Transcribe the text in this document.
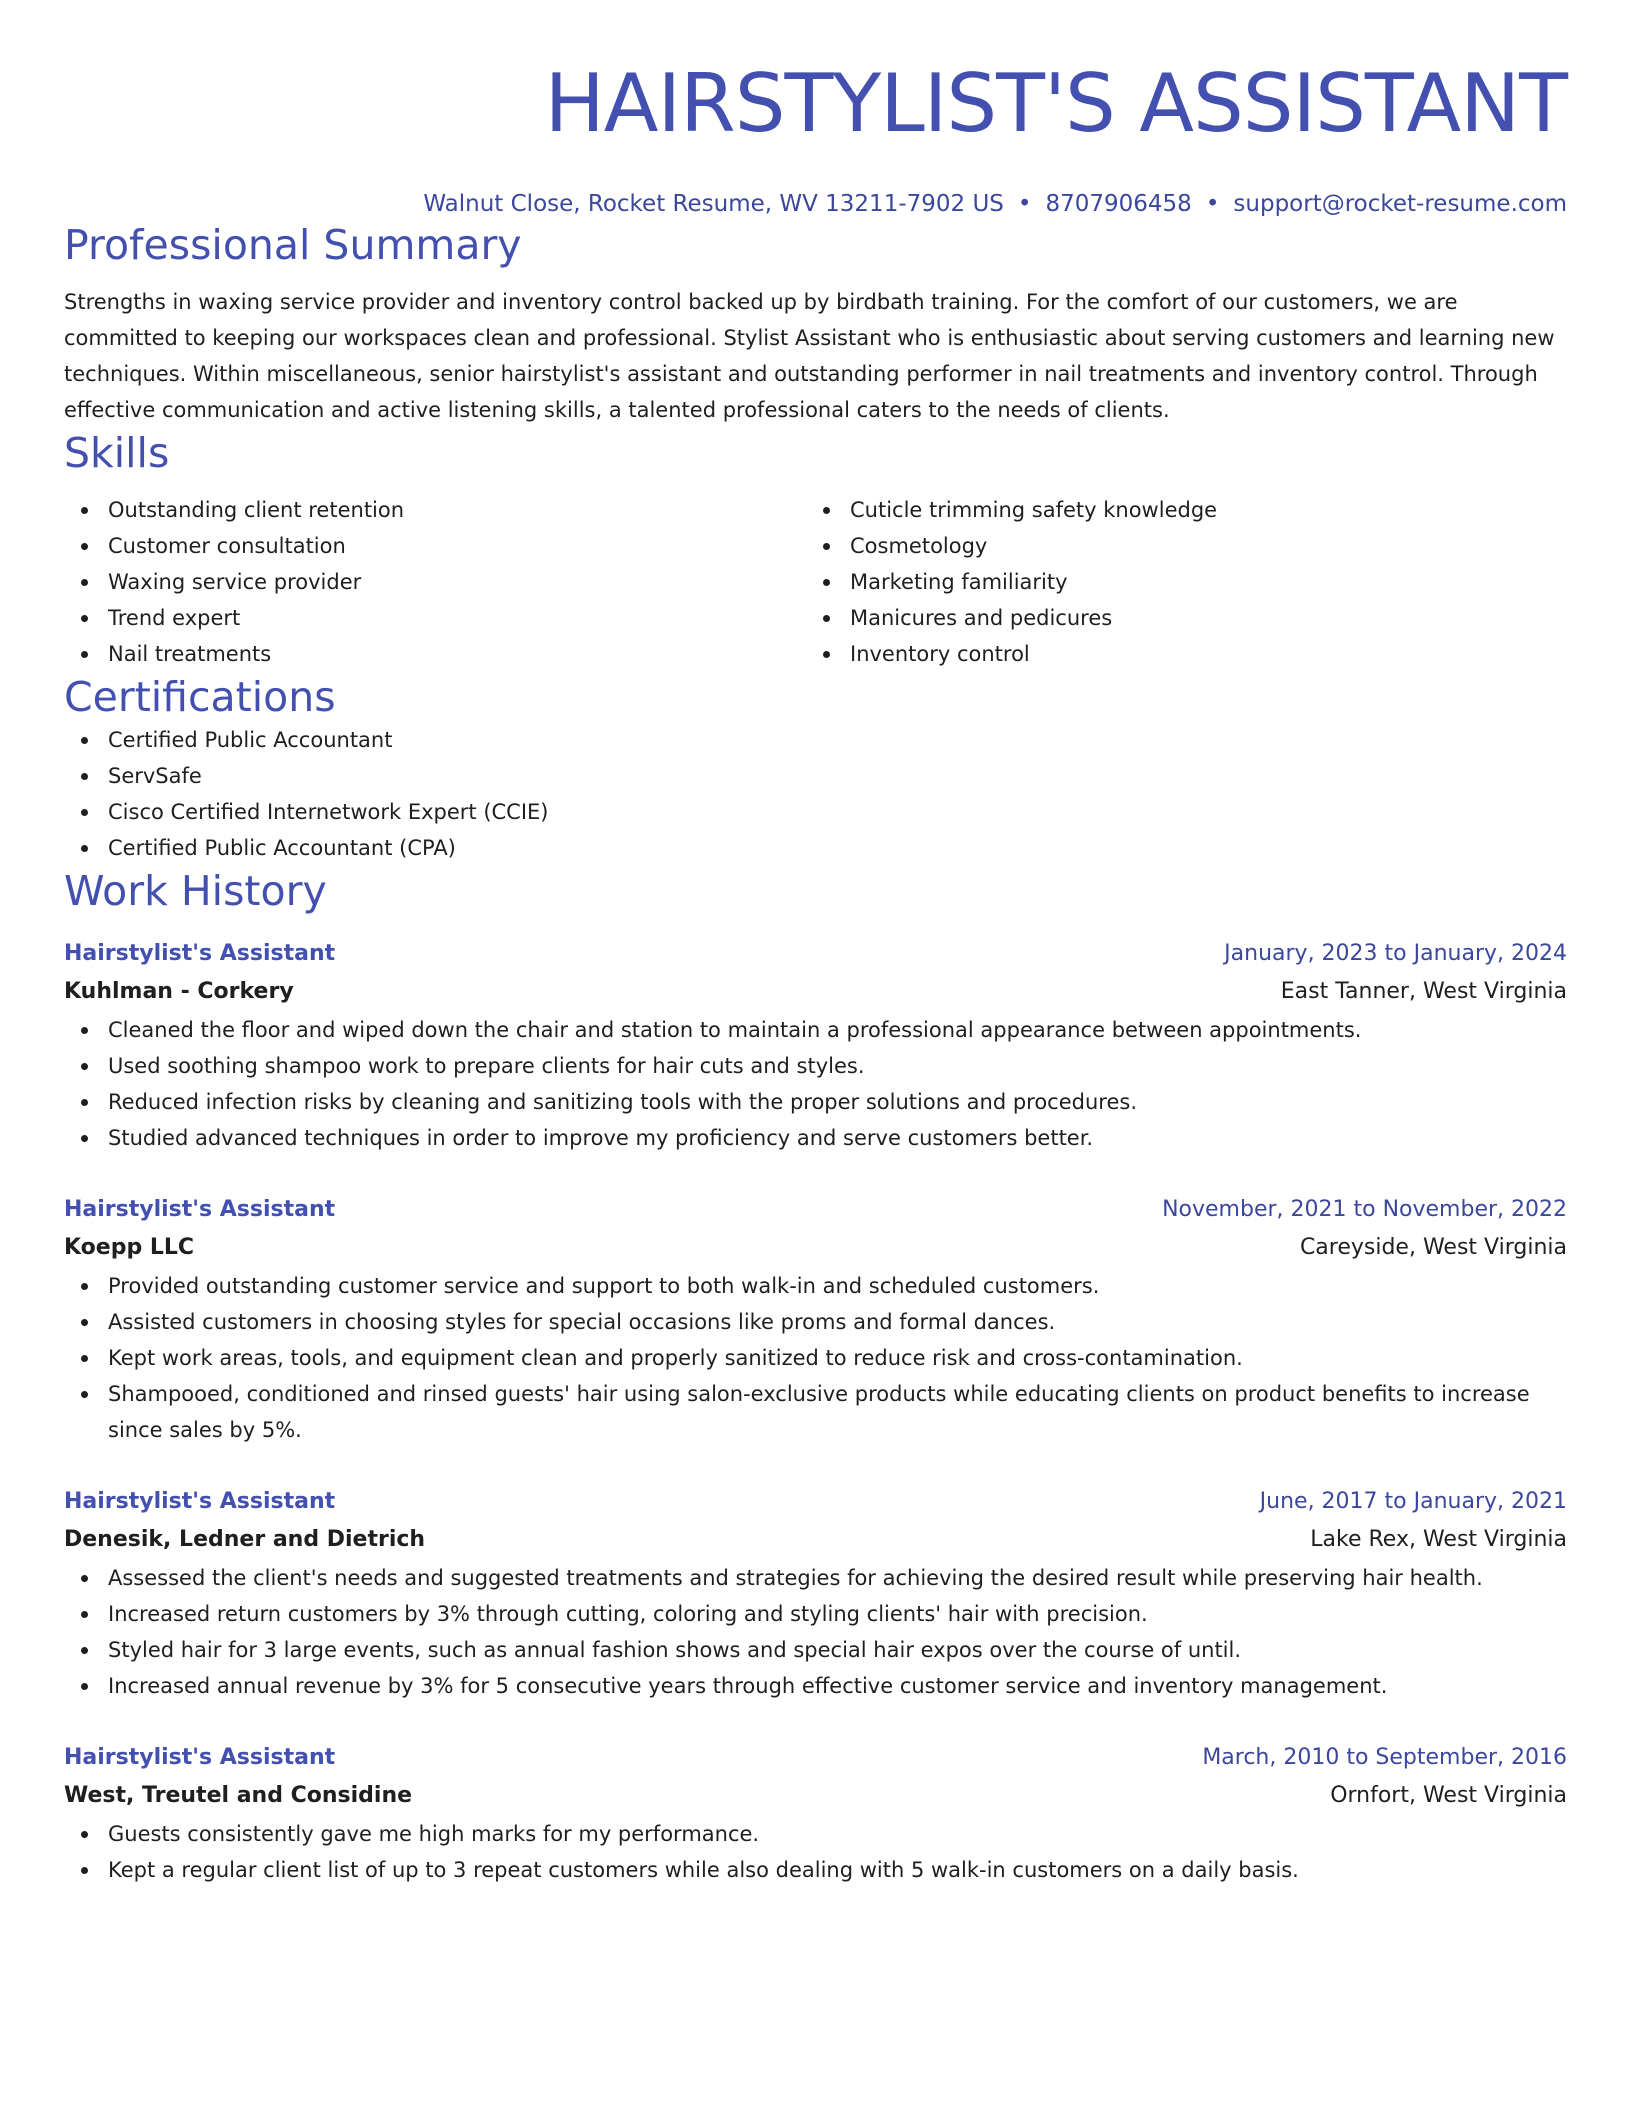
HAIRSTYLIST'S ASSISTANT
Walnut Close, Rocket Resume, WV 13211-7902 US • 8707906458 • support@rocket-resume.com
Professional Summary
Strengths in waxing service provider and inventory control backed up by birdbath training. For the comfort of our customers, we are committed to keeping our workspaces clean and professional. Stylist Assistant who is enthusiastic about serving customers and learning new techniques. Within miscellaneous, senior hairstylist's assistant and outstanding performer in nail treatments and inventory control. Through effective communication and active listening skills, a talented professional caters to the needs of clients.
Skills
Outstanding client retention
Customer consultation
Waxing service provider
Trend expert
Nail treatments
Cuticle trimming safety knowledge
Cosmetology
Marketing familiarity
Manicures and pedicures
Inventory control
Certifications
Certified Public Accountant
ServSafe
Cisco Certified Internetwork Expert (CCIE)
Certified Public Accountant (CPA)
Work History
Hairstylist's Assistant	January, 2023 to January, 2024
Kuhlman - Corkery	East Tanner, West Virginia
Cleaned the floor and wiped down the chair and station to maintain a professional appearance between appointments.
Used soothing shampoo work to prepare clients for hair cuts and styles.
Reduced infection risks by cleaning and sanitizing tools with the proper solutions and procedures.
Studied advanced techniques in order to improve my proficiency and serve customers better.
Hairstylist's Assistant	November, 2021 to November, 2022
Koepp LLC	Careyside, West Virginia
Provided outstanding customer service and support to both walk-in and scheduled customers.
Assisted customers in choosing styles for special occasions like proms and formal dances.
Kept work areas, tools, and equipment clean and properly sanitized to reduce risk and cross-contamination.
Shampooed, conditioned and rinsed guests' hair using salon-exclusive products while educating clients on product benefits to increase since sales by 5%.
Hairstylist's Assistant	June, 2017 to January, 2021
Denesik, Ledner and Dietrich	Lake Rex, West Virginia
Assessed the client's needs and suggested treatments and strategies for achieving the desired result while preserving hair health.
Increased return customers by 3% through cutting, coloring and styling clients' hair with precision.
Styled hair for 3 large events, such as annual fashion shows and special hair expos over the course of until.
Increased annual revenue by 3% for 5 consecutive years through effective customer service and inventory management.
Hairstylist's Assistant	March, 2010 to September, 2016
West, Treutel and Considine	Ornfort, West Virginia
Guests consistently gave me high marks for my performance.
Kept a regular client list of up to 3 repeat customers while also dealing with 5 walk-in customers on a daily basis.
